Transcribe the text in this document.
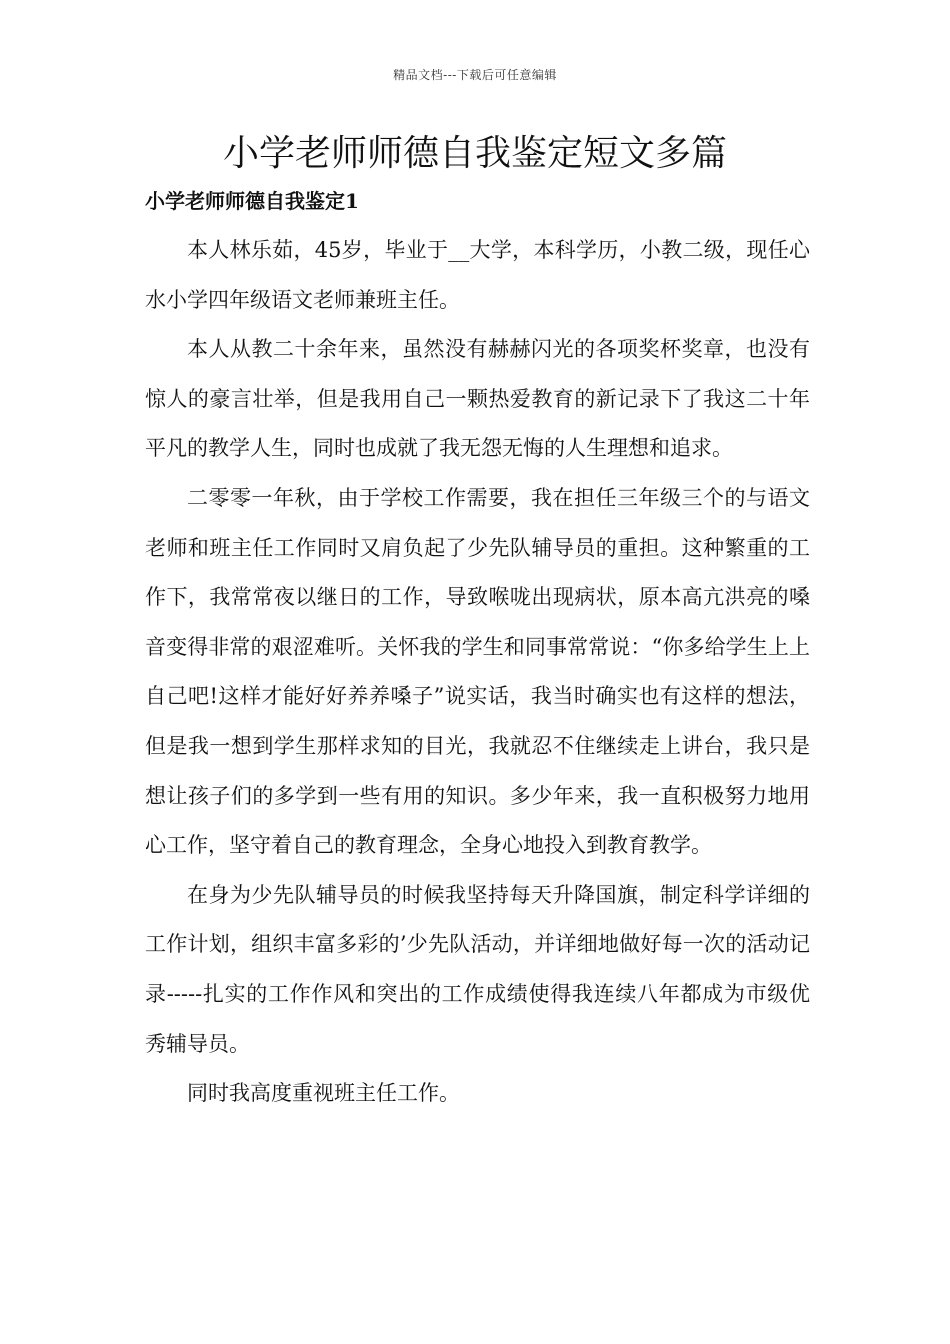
精品文档---下载后可任意编辑
小学老师师德自我鉴定短文多篇
小学老师师德自我鉴定1

本人林乐茹，45岁，毕业于__大学，本科学历，小教二级，现任心水小学四年级语文老师兼班主任。

本人从教二十余年来，虽然没有赫赫闪光的各项奖杯奖章，也没有惊人的豪言壮举，但是我用自己一颗热爱教育的新记录下了我这二十年平凡的教学人生，同时也成就了我无怨无悔的人生理想和追求。

二零零一年秋，由于学校工作需要，我在担任三年级三个的与语文老师和班主任工作同时又肩负起了少先队辅导员的重担。这种繁重的工作下，我常常夜以继日的工作，导致喉咙出现病状，原本高亢洪亮的嗓音变得非常的艰涩难听。关怀我的学生和同事常常说：“你多给学生上上自己吧!这样才能好好养养嗓子”说实话，我当时确实也有这样的想法，但是我一想到学生那样求知的目光，我就忍不住继续走上讲台，我只是想让孩子们的多学到一些有用的知识。多少年来，我一直积极努力地用心工作，坚守着自己的教育理念，全身心地投入到教育教学。

在身为少先队辅导员的时候我坚持每天升降国旗，制定科学详细的工作计划，组织丰富多彩的’少先队活动，并详细地做好每一次的活动记录-----扎实的工作作风和突出的工作成绩使得我连续八年都成为市级优秀辅导员。

同时我高度重视班主任工作。
